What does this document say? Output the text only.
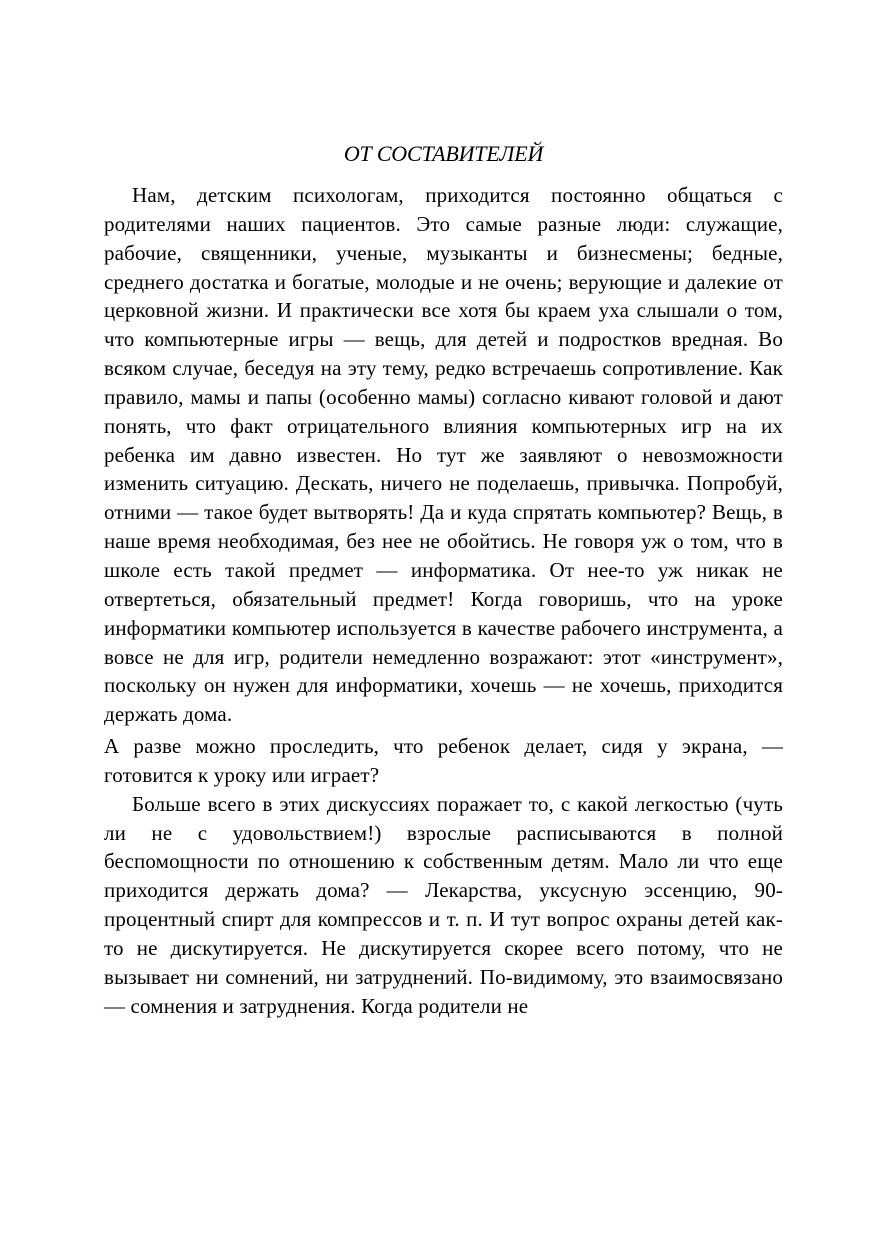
ОТ СОСТАВИТЕЛЕЙ

Нам, детским психологам, приходится постоянно общаться с родителями наших пациентов. Это самые разные люди: служащие, рабочие, священники, ученые, музыканты и бизнесмены; бедные, среднего достатка и богатые, молодые и не очень; верующие и далекие от церковной жизни. И практически все хотя бы краем уха слышали о том, что компьютерные игры — вещь, для детей и подростков вредная. Во всяком случае, беседуя на эту тему, редко встречаешь сопротивление. Как правило, мамы и папы (особенно мамы) согласно кивают головой и дают понять, что факт отрицательного влияния компьютерных игр на их ребенка им давно известен. Но тут же заявляют о невозможности изменить ситуацию. Дескать, ничего не поделаешь, привычка. Попробуй, отними — такое будет вытворять! Да и куда спрятать компьютер? Вещь, в наше время необходимая, без нее не обойтись. Не говоря уж о том, что в школе есть такой предмет — информатика. От нее-то уж никак не отвертеться, обязательный предмет! Когда говоришь, что на уроке информатики компьютер используется в качестве рабочего инструмента, а вовсе не для игр, родители немедленно возражают: этот «инструмент», поскольку он нужен для информатики, хочешь — не хочешь, приходится держать дома.

А разве можно проследить, что ребенок делает, сидя у экрана, — готовится к уроку или играет?

Больше всего в этих дискуссиях поражает то, с какой легкостью (чуть ли не с удовольствием!) взрослые расписываются в полной беспомощности по отношению к собственным детям. Мало ли что еще приходится держать дома? — Лекарства, уксусную эссенцию, 90-процентный спирт для компрессов и т. п. И тут вопрос охраны детей как-то не дискутируется. Не дискутируется скорее всего потому, что не вызывает ни сомнений, ни затруднений. По-видимому, это взаимосвязано — сомнения и затруднения. Когда родители не
